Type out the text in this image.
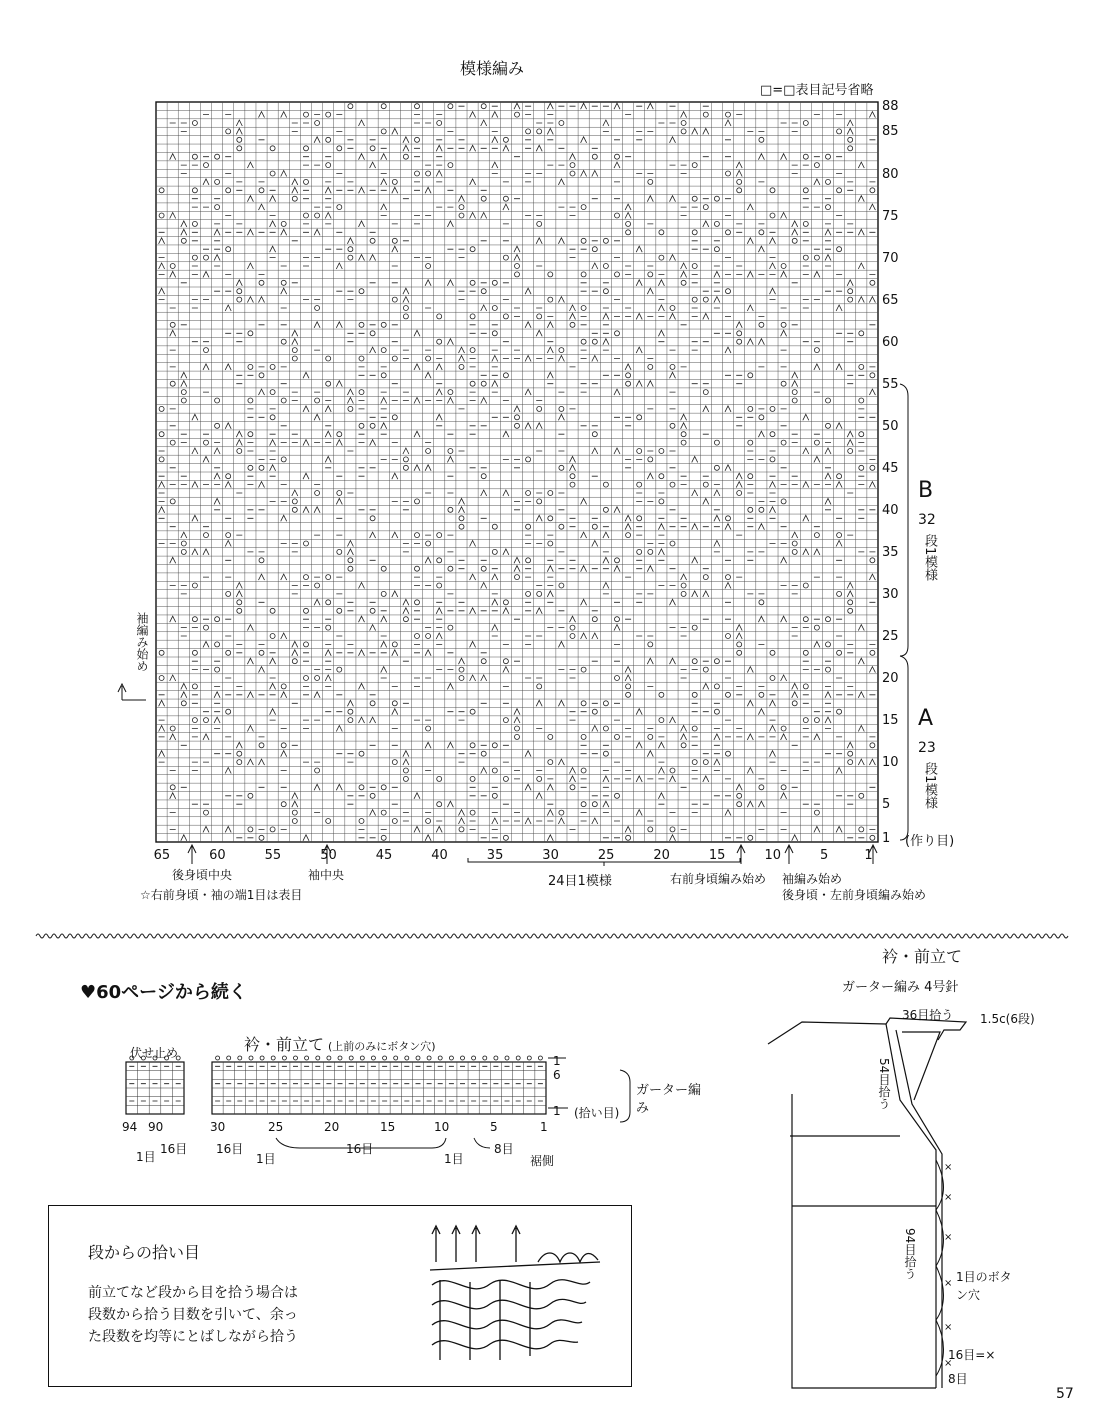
模様編み
□=□表目記号省略
88
85
80
75
70
65
60
55
50
45
40
35
30
25
20
15
10
5
1
65	60	55	50	45	40	35	30	25	20	15	10	5	1
(作り目)
B
32
段1模様
A
23
段1模様
袖編み始め
後身頃中央	袖中央	24目1模様	右前身頃編み始め 袖編み始め
後身頃・左前身頃編み始め
☆右前身頃・袖の端1目は表目
♥60ページから続く
伏せ止め	衿・前立て (上前のみにボタン穴)
1
6
1 (拾い目)
ガーター編み
94 90	30	25	20	15	10	5	1
1目
16目 16目
1目
16目
1目
8目
裾側
段からの拾い目
前立てなど段から目を拾う場合は
段数から拾う目数を引いて、余っ
た段数を均等にとばしながら拾う
衿・前立て
ガーター編み 4号針
36目拾う 1.5c(6段)
54目拾う
94目拾う	1目のボタン穴
16目=×
8目
×
×
×
×
×
×
57
